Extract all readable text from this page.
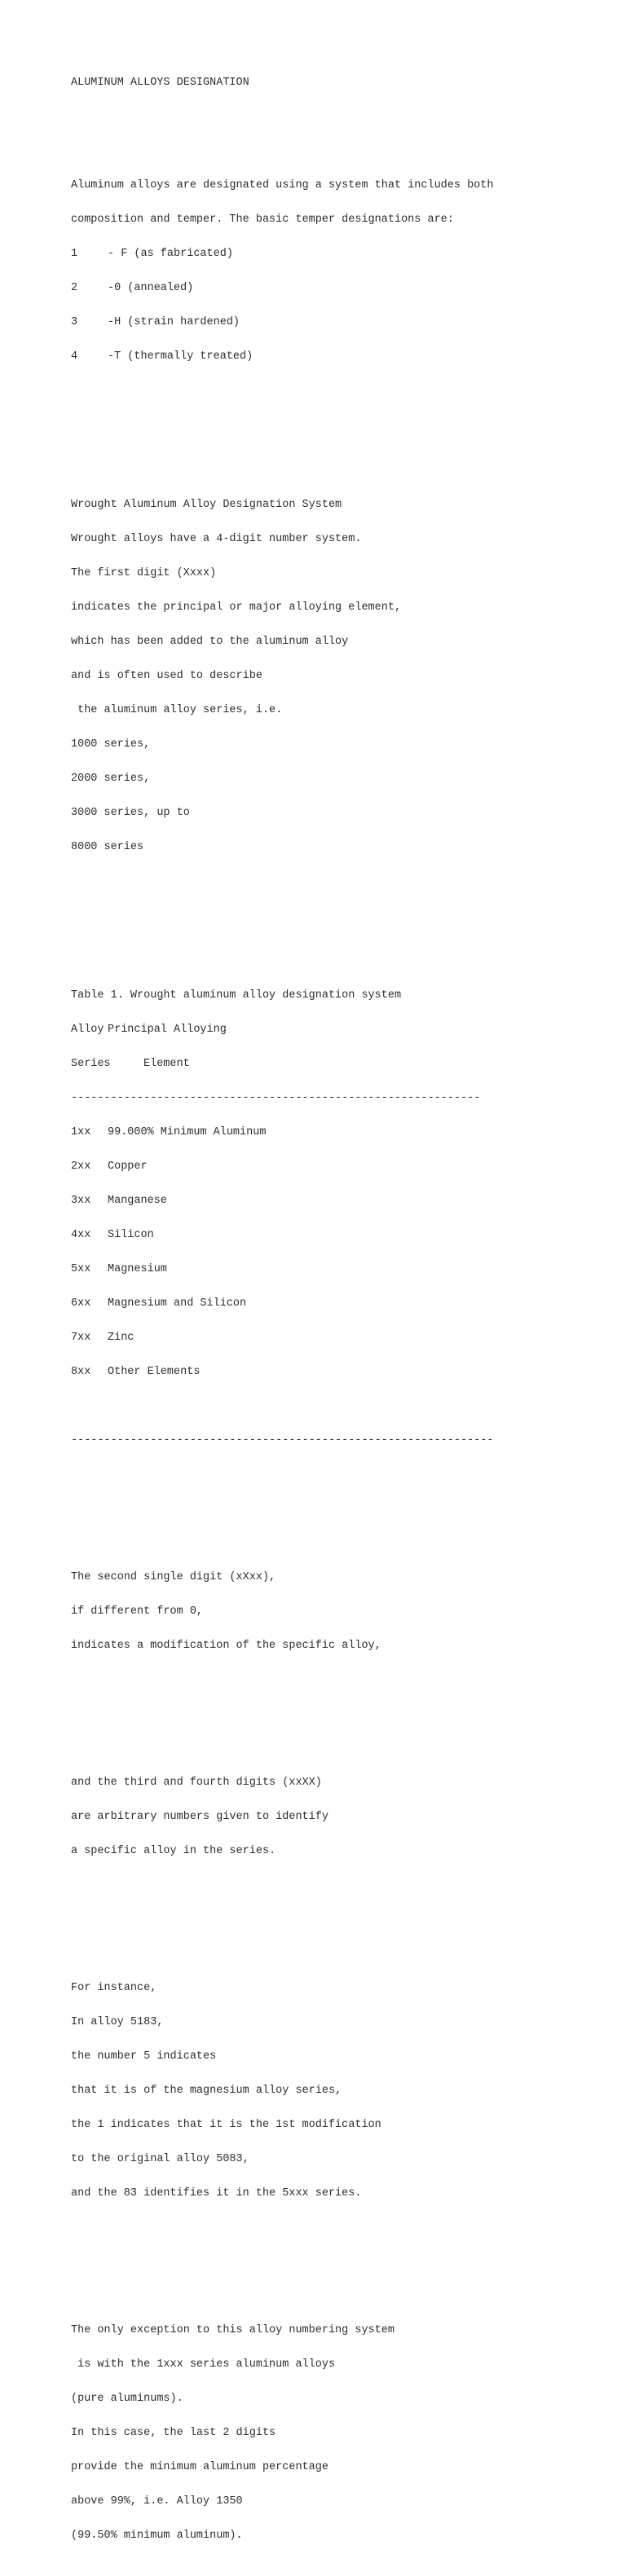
ALUMINUM ALLOYS DESIGNATION

Aluminum alloys are designated using a system that includes both

composition and temper. The basic temper designations are:

1	- F (as fabricated)

2	-0 (annealed)

3	-H (strain hardened)

4	-T (thermally treated)

Wrought Aluminum Alloy Designation System

Wrought alloys have a 4-digit number system.

The first digit (Xxxx)

indicates the principal or major alloying element,

which has been added to the aluminum alloy

and is often used to describe

the aluminum alloy series, i.e.

1000 series,

2000 series,

3000 series, up to

8000 series

Table 1. Wrought aluminum alloy designation system

Alloy Principal Alloying

Series	Element

--------------------------------------------------------------

1xx 99.000% Minimum Aluminum

2xx Copper

3xx Manganese

4xx Silicon

5xx Magnesium

6xx Magnesium and Silicon

7xx Zinc

8xx Other Elements

----------------------------------------------------------------

The second single digit (xXxx),

if different from 0,

indicates a modification of the specific alloy,

and the third and fourth digits (xxXX)

are arbitrary numbers given to identify

a specific alloy in the series.

For instance,

In alloy 5183,

the number 5 indicates

that it is of the magnesium alloy series,

the 1 indicates that it is the 1st modification

to the original alloy 5083,

and the 83 identifies it in the 5xxx series.

The only exception to this alloy numbering system

is with the 1xxx series aluminum alloys

(pure aluminums).

In this case, the last 2 digits

provide the minimum aluminum percentage

above 99%, i.e. Alloy 1350

(99.50% minimum aluminum).
